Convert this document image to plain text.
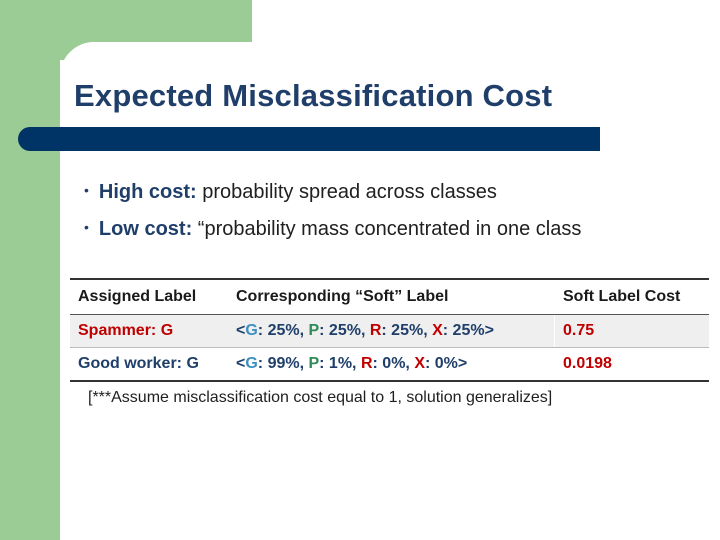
Expected Misclassification Cost
• High cost: probability spread across classes
• Low cost: “probability mass concentrated in one class
Assigned Label	Corresponding “Soft” Label	Soft Label Cost
Spammer: G	<G: 25%, P: 25%, R: 25%, X: 25%>	0.75
Good worker: G	<G: 99%, P: 1%, R: 0%, X: 0%>	0.0198
[***Assume misclassification cost equal to 1, solution generalizes]
